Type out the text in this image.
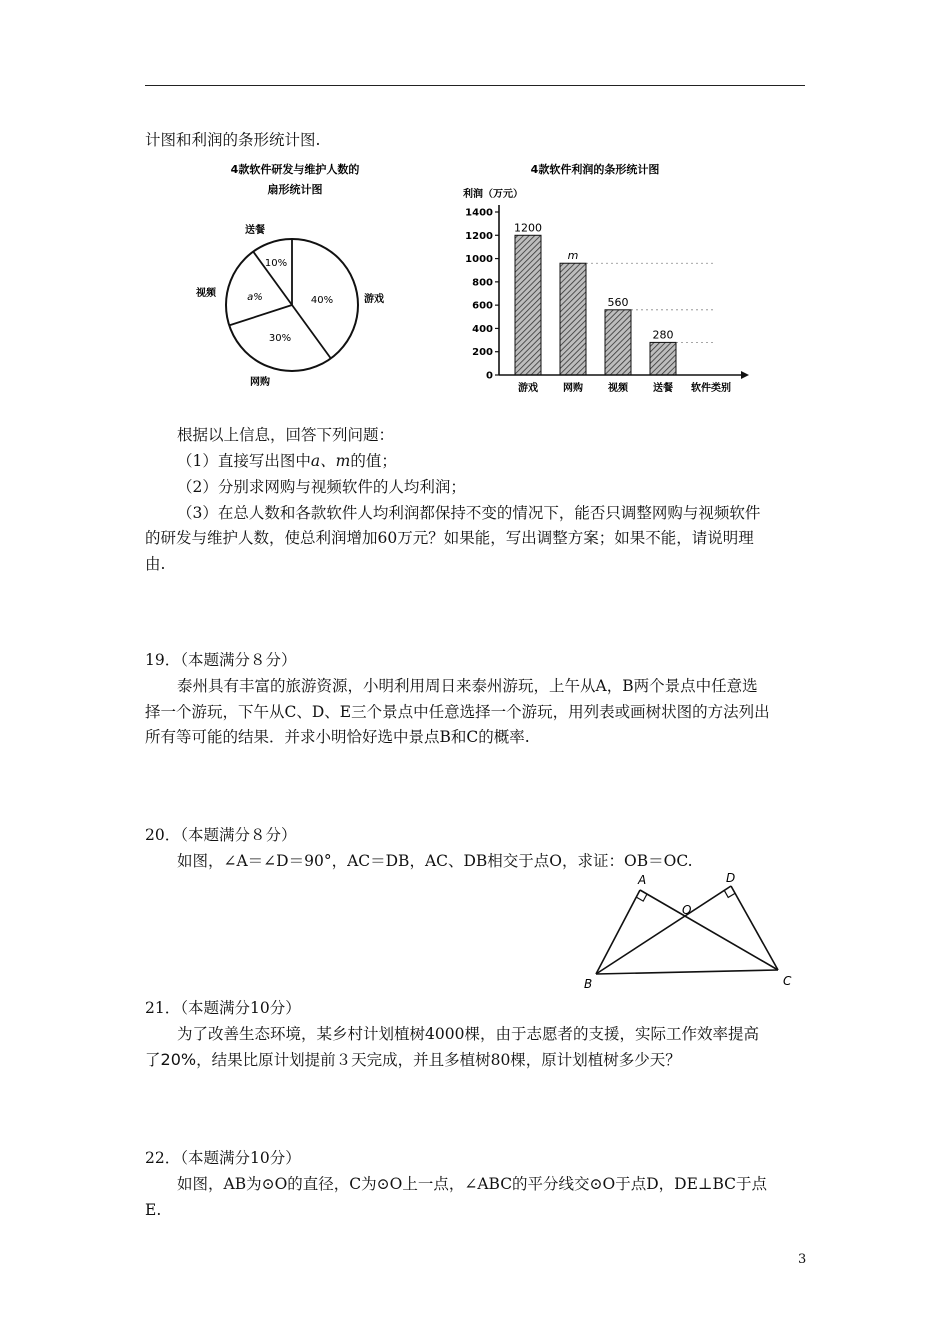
计图和利润的条形统计图.
4款软件研发与维护人数的
扇形统计图
送餐
10%
视频	a%	40%	游戏
30%
网购
4款软件利润的条形统计图
利润（万元）
0
200
400
600
800
1000
1200
1400
1200
游戏
m
网购
560
视频
280
送餐 软件类别
根据以上信息，回答下列问题：
（1）直接写出图中a、m的值；
（2）分别求网购与视频软件的人均利润；
（3）在总人数和各款软件人均利润都保持不变的情况下，能否只调整网购与视频软件
的研发与维护人数，使总利润增加60万元？如果能，写出调整方案；如果不能，请说明理
由.
19．（本题满分８分）
泰州具有丰富的旅游资源，小明利用周日来泰州游玩，上午从A，B两个景点中任意选
择一个游玩，下午从C、D、E三个景点中任意选择一个游玩，用列表或画树状图的方法列出
所有等可能的结果．并求小明恰好选中景点B和C的概率.
20．（本题满分８分）
如图，∠A＝∠D＝90°，AC＝DB，AC、DB相交于点O，求证：OB＝OC.
A	D
O
B	C
21．（本题满分10分）
为了改善生态环境，某乡村计划植树4000棵，由于志愿者的支援，实际工作效率提高
了20%，结果比原计划提前３天完成，并且多植树80棵，原计划植树多少天？
22．（本题满分10分）
如图，AB为⊙O的直径，C为⊙O上一点，∠ABC的平分线交⊙O于点D，DE⊥BC于点
E.
3
